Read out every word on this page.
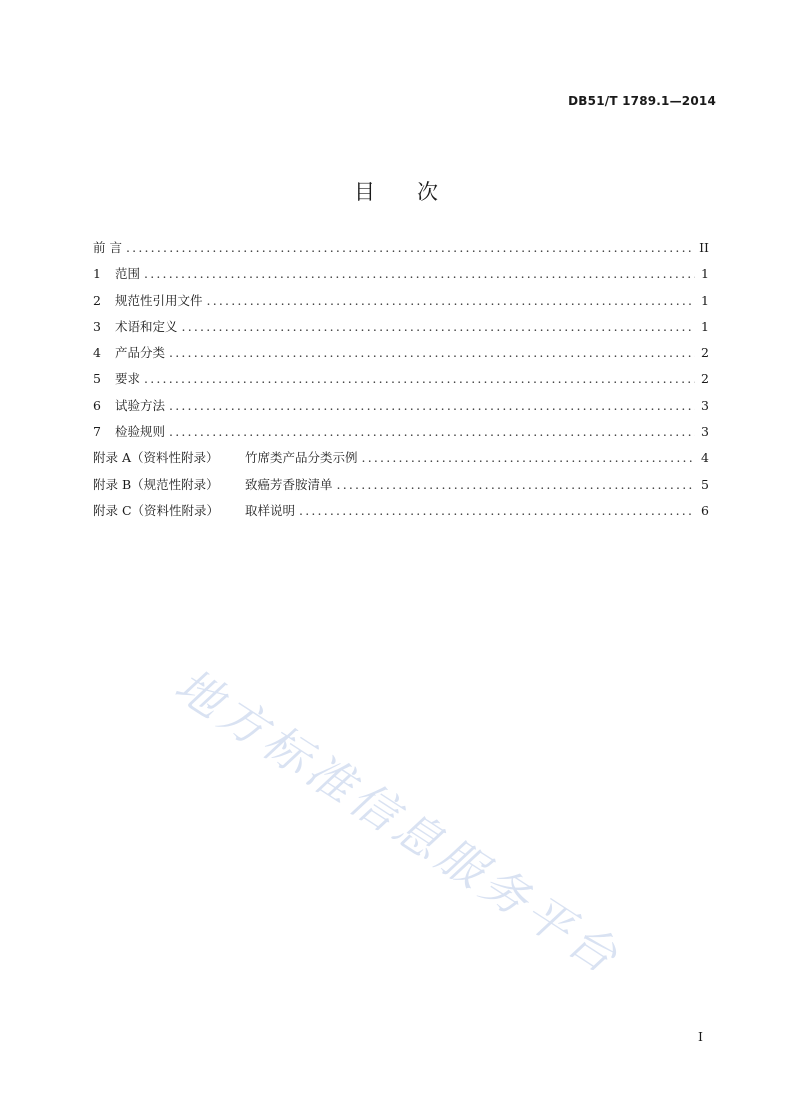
DB51/T 1789.1—2014
目 次
前 言 .....	II
1 范围 .....	1
2 规范性引用文件 .....	1
3 术语和定义 .....	1
4 产品分类 .....	2
5 要求 .....	2
6 试验方法 .....	3
7 检验规则 .....	3
附录 A（资料性附录） 竹席类产品分类示例 .....	4
附录 B（规范性附录） 致癌芳香胺清单 .....	5
附录 C（资料性附录） 取样说明 .....	6
地方标准信息服务平台
I
